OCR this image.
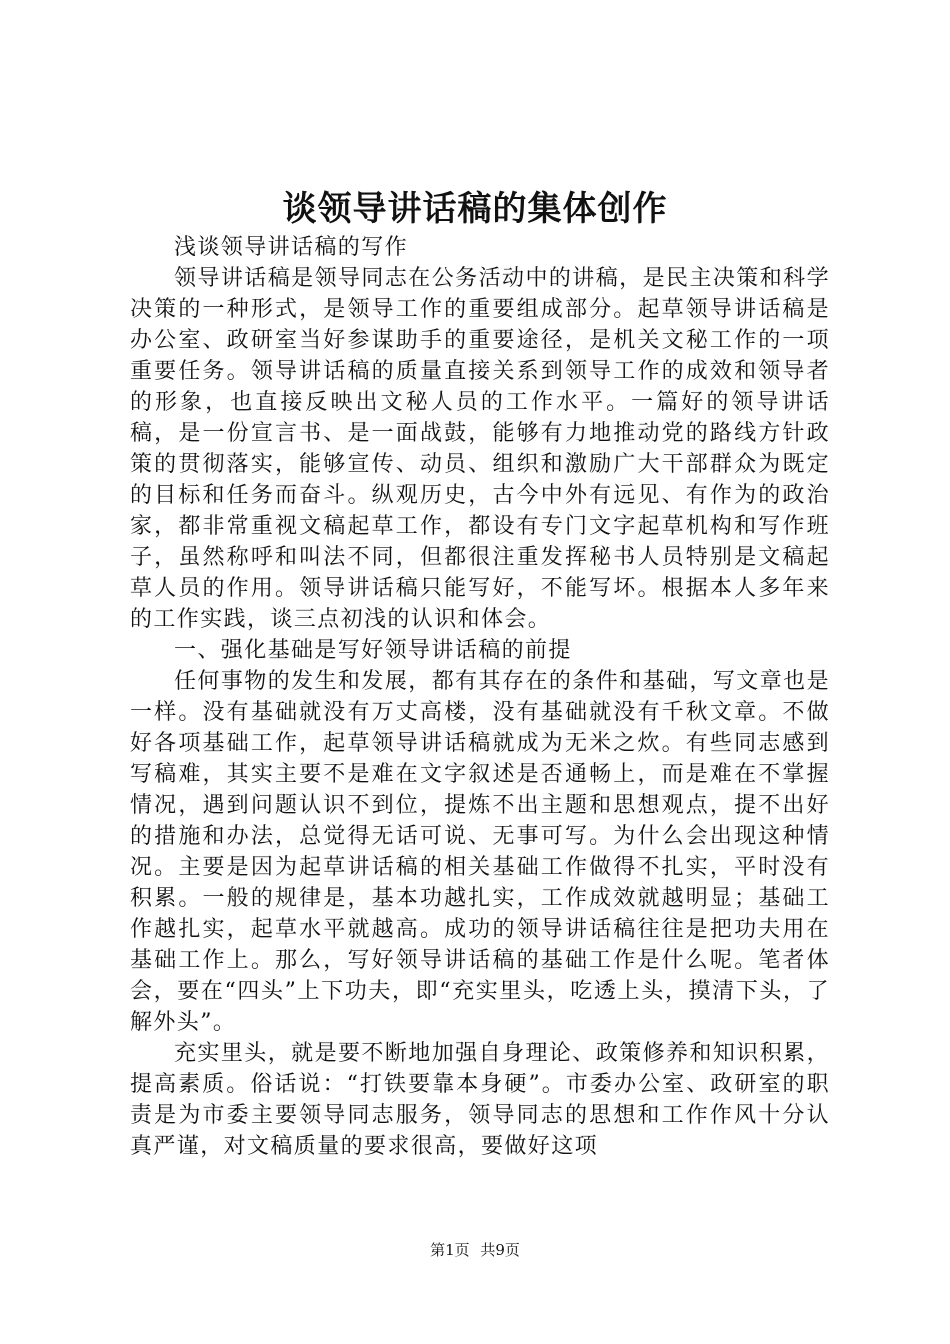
谈领导讲话稿的集体创作

浅谈领导讲话稿的写作

领导讲话稿是领导同志在公务活动中的讲稿，是民主决策和科学决策的一种形式，是领导工作的重要组成部分。起草领导讲话稿是办公室、政研室当好参谋助手的重要途径，是机关文秘工作的一项重要任务。领导讲话稿的质量直接关系到领导工作的成效和领导者的形象，也直接反映出文秘人员的工作水平。一篇好的领导讲话稿，是一份宣言书、是一面战鼓，能够有力地推动党的路线方针政策的贯彻落实，能够宣传、动员、组织和激励广大干部群众为既定的目标和任务而奋斗。纵观历史，古今中外有远见、有作为的政治家，都非常重视文稿起草工作，都设有专门文字起草机构和写作班子，虽然称呼和叫法不同，但都很注重发挥秘书人员特别是文稿起草人员的作用。领导讲话稿只能写好，不能写坏。根据本人多年来的工作实践，谈三点初浅的认识和体会。

一、强化基础是写好领导讲话稿的前提

任何事物的发生和发展，都有其存在的条件和基础，写文章也是一样。没有基础就没有万丈高楼，没有基础就没有千秋文章。不做好各项基础工作，起草领导讲话稿就成为无米之炊。有些同志感到写稿难，其实主要不是难在文字叙述是否通畅上，而是难在不掌握情况，遇到问题认识不到位，提炼不出主题和思想观点，提不出好的措施和办法，总觉得无话可说、无事可写。为什么会出现这种情况。主要是因为起草讲话稿的相关基础工作做得不扎实，平时没有积累。一般的规律是，基本功越扎实，工作成效就越明显；基础工作越扎实，起草水平就越高。成功的领导讲话稿往往是把功夫用在基础工作上。那么，写好领导讲话稿的基础工作是什么呢。笔者体会，要在“四头”上下功夫，即“充实里头，吃透上头，摸清下头，了解外头”。

充实里头，就是要不断地加强自身理论、政策修养和知识积累，提高素质。俗话说：“打铁要靠本身硬”。市委办公室、政研室的职责是为市委主要领导同志服务，领导同志的思想和工作作风十分认真严谨，对文稿质量的要求很高，要做好这项

第1页 共9页
